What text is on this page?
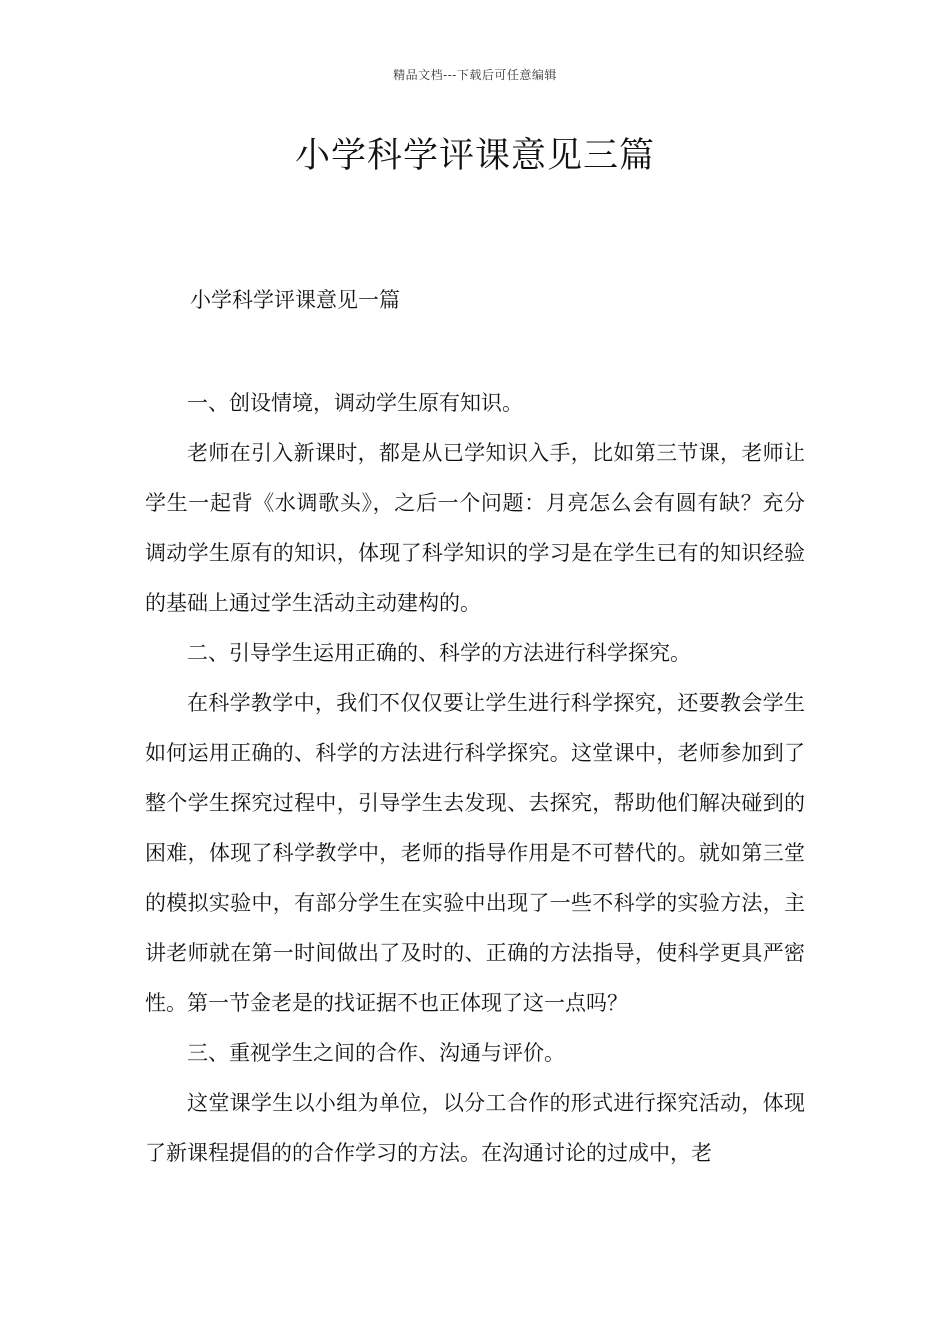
精品文档---下载后可任意编辑
小学科学评课意见三篇
小学科学评课意见一篇

一、创设情境，调动学生原有知识。

老师在引入新课时，都是从已学知识入手，比如第三节课，老师让学生一起背《水调歌头》，之后一个问题：月亮怎么会有圆有缺？充分调动学生原有的知识，体现了科学知识的学习是在学生已有的知识经验的基础上通过学生活动主动建构的。

二、引导学生运用正确的、科学的方法进行科学探究。

在科学教学中，我们不仅仅要让学生进行科学探究，还要教会学生如何运用正确的、科学的方法进行科学探究。这堂课中，老师参加到了整个学生探究过程中，引导学生去发现、去探究，帮助他们解决碰到的困难，体现了科学教学中，老师的指导作用是不可替代的。就如第三堂的模拟实验中，有部分学生在实验中出现了一些不科学的实验方法，主讲老师就在第一时间做出了及时的、正确的方法指导，使科学更具严密性。第一节金老是的找证据不也正体现了这一点吗？

三、重视学生之间的合作、沟通与评价。

这堂课学生以小组为单位，以分工合作的形式进行探究活动，体现了新课程提倡的的合作学习的方法。在沟通讨论的过成中，老
